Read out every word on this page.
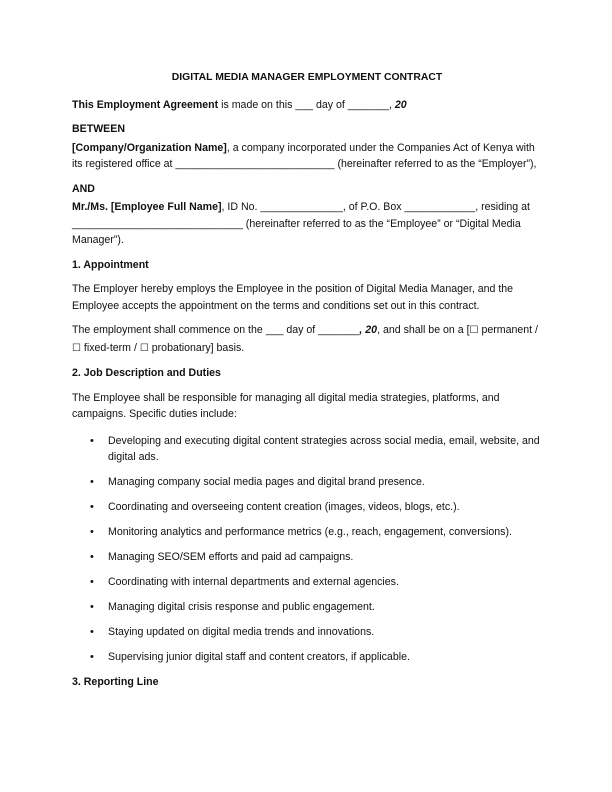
DIGITAL MEDIA MANAGER EMPLOYMENT CONTRACT

This Employment Agreement is made on this ___ day of _______, 20

BETWEEN

[Company/Organization Name], a company incorporated under the Companies Act of Kenya with its registered office at ___________________________ (hereinafter referred to as the “Employer”),

AND

Mr./Ms. [Employee Full Name], ID No. ______________, of P.O. Box ____________, residing at _____________________________ (hereinafter referred to as the “Employee” or “Digital Media Manager”).

1. Appointment

The Employer hereby employs the Employee in the position of Digital Media Manager, and the Employee accepts the appointment on the terms and conditions set out in this contract.

The employment shall commence on the ___ day of _______, 20, and shall be on a [☐ permanent / ☐ fixed-term / ☐ probationary] basis.

2. Job Description and Duties

The Employee shall be responsible for managing all digital media strategies, platforms, and campaigns. Specific duties include:

• Developing and executing digital content strategies across social media, email, website, and digital ads.
• Managing company social media pages and digital brand presence.
• Coordinating and overseeing content creation (images, videos, blogs, etc.).
• Monitoring analytics and performance metrics (e.g., reach, engagement, conversions).
• Managing SEO/SEM efforts and paid ad campaigns.
• Coordinating with internal departments and external agencies.
• Managing digital crisis response and public engagement.
• Staying updated on digital media trends and innovations.
• Supervising junior digital staff and content creators, if applicable.

3. Reporting Line
